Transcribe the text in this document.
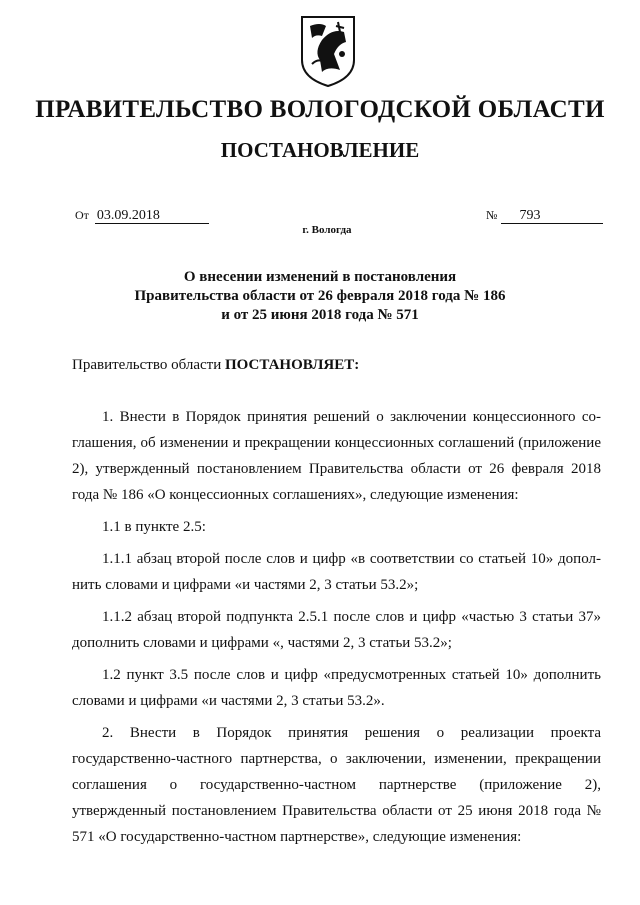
ПРАВИТЕЛЬСТВО ВОЛОГОДСКОЙ ОБЛАСТИ
ПОСТАНОВЛЕНИЕ
От 03.09.2018	№ 793
г. Вологда
О внесении изменений в постановления
Правительства области от 26 февраля 2018 года № 186
и от 25 июня 2018 года № 571
Правительство области ПОСТАНОВЛЯЕТ:

1. Внести в Порядок принятия решений о заключении концессионного соглашения, об изменении и прекращении концессионных соглашений (приложение 2), утвержденный постановлением Правительства области от 26 февраля 2018 года № 186 «О концессионных соглашениях», следующие изменения:

1.1 в пункте 2.5:

1.1.1 абзац второй после слов и цифр «в соответствии со статьей 10» дополнить словами и цифрами «и частями 2, 3 статьи 53.2»;

1.1.2 абзац второй подпункта 2.5.1 после слов и цифр «частью 3 статьи 37» дополнить словами и цифрами «, частями 2, 3 статьи 53.2»;

1.2 пункт 3.5 после слов и цифр «предусмотренных статьей 10» дополнить словами и цифрами «и частями 2, 3 статьи 53.2».

2. Внести в Порядок принятия решения о реализации проекта государственно-частного партнерства, о заключении, изменении, прекращении соглашения о государственно-частном партнерстве (приложение 2), утвержденный постановлением Правительства области от 25 июня 2018 года № 571 «О государственно-частном партнерстве», следующие изменения:
